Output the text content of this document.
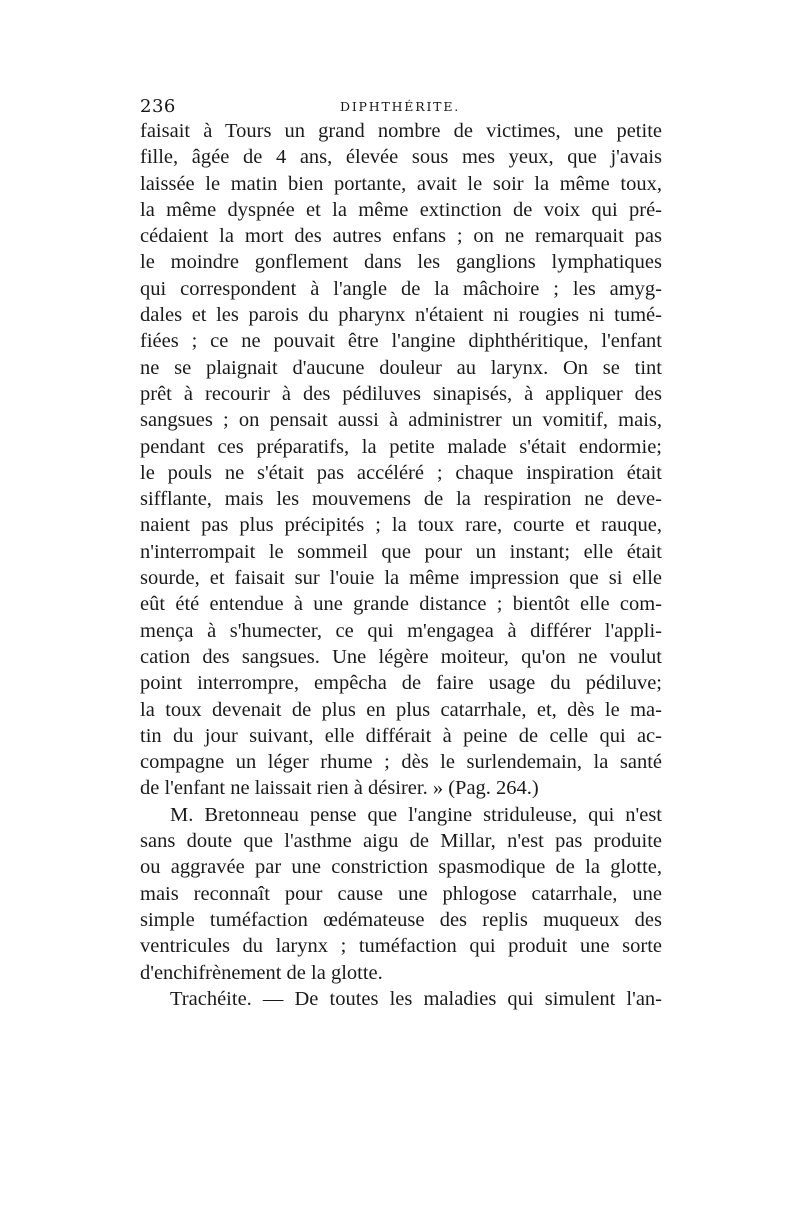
236	DIPHTHÉRITE.
faisait à Tours un grand nombre de victimes, une petite
fille, âgée de 4 ans, élevée sous mes yeux, que j'avais
laissée le matin bien portante, avait le soir la même toux,
la même dyspnée et la même extinction de voix qui pré-
cédaient la mort des autres enfans ; on ne remarquait pas
le moindre gonflement dans les ganglions lymphatiques
qui correspondent à l'angle de la mâchoire ; les amyg-
dales et les parois du pharynx n'étaient ni rougies ni tumé-
fiées ; ce ne pouvait être l'angine diphthéritique, l'enfant
ne se plaignait d'aucune douleur au larynx. On se tint
prêt à recourir à des pédiluves sinapisés, à appliquer des
sangsues ; on pensait aussi à administrer un vomitif, mais,
pendant ces préparatifs, la petite malade s'était endormie;
le pouls ne s'était pas accéléré ; chaque inspiration était
sifflante, mais les mouvemens de la respiration ne deve-
naient pas plus précipités ; la toux rare, courte et rauque,
n'interrompait le sommeil que pour un instant; elle était
sourde, et faisait sur l'ouie la même impression que si elle
eût été entendue à une grande distance ; bientôt elle com-
mença à s'humecter, ce qui m'engagea à différer l'appli-
cation des sangsues. Une légère moiteur, qu'on ne voulut
point interrompre, empêcha de faire usage du pédiluve;
la toux devenait de plus en plus catarrhale, et, dès le ma-
tin du jour suivant, elle différait à peine de celle qui ac-
compagne un léger rhume ; dès le surlendemain, la santé
de l'enfant ne laissait rien à désirer. » (Pag. 264.)
M. Bretonneau pense que l'angine striduleuse, qui n'est
sans doute que l'asthme aigu de Millar, n'est pas produite
ou aggravée par une constriction spasmodique de la glotte,
mais reconnaît pour cause une phlogose catarrhale, une
simple tuméfaction œdémateuse des replis muqueux des
ventricules du larynx ; tuméfaction qui produit une sorte
d'enchifrènement de la glotte.
Trachéite. — De toutes les maladies qui simulent l'an-
